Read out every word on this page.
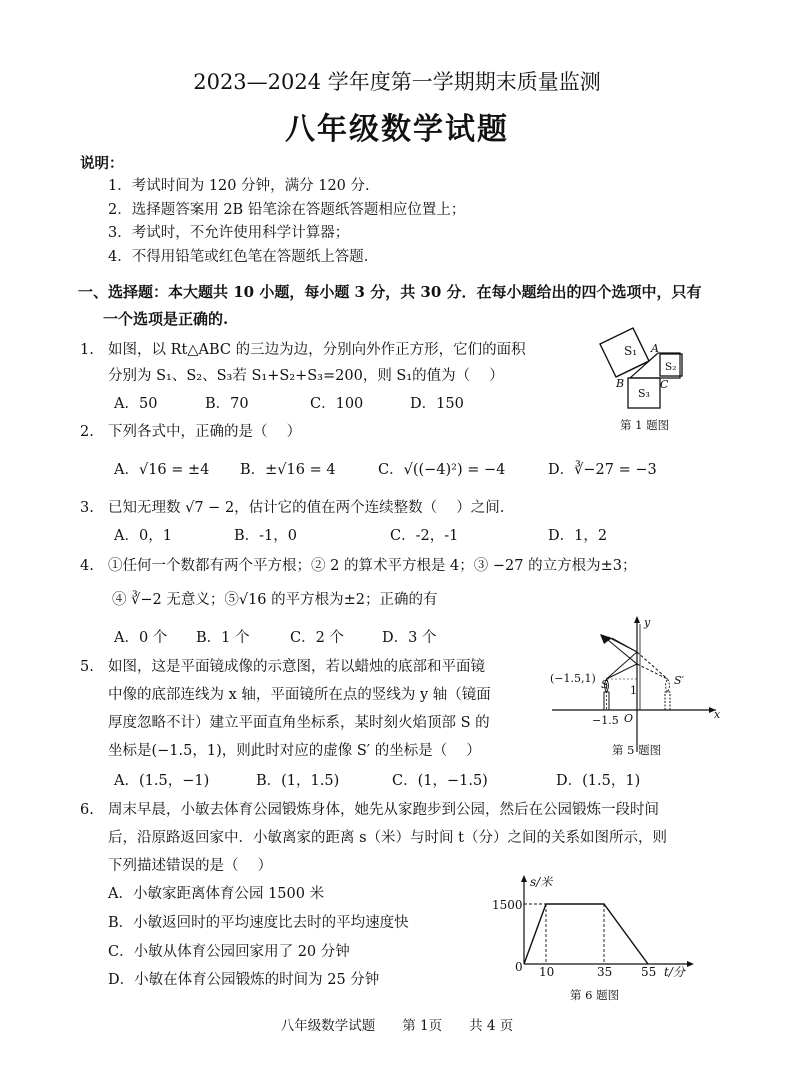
2023—2024 学年度第一学期期末质量监测
八年级数学试题
说明：
1．考试时间为 120 分钟，满分 120 分.
2．选择题答案用 2B 铅笔涂在答题纸答题相应位置上；
3．考试时，不允许使用科学计算器；
4．不得用铅笔或红色笔在答题纸上答题.
一、选择题：本大题共 10 小题，每小题 3 分，共 30 分．在每小题给出的四个选项中，只有
一个选项是正确的.
1. 如图，以 Rt△ABC 的三边为边，分别向外作正方形，它们的面积
分别为 S₁、S₂、S₃若 S₁+S₂+S₃=200，则 S₁的值为（　 ）
A．50	B．70	C．100	D．150
S₁
S₂
S₃
A
B	C
第 1 题图
2. 下列各式中，正确的是（　 ）
A．√16 = ±4 B．±√16 = 4	C．√((−4)²) = −4	D．∛−27 = −3
3. 已知无理数 √7 − 2，估计它的值在两个连续整数（　 ）之间.
A．0，1	B．-1，0	C．-2，-1	D．1，2
4. ①任何一个数都有两个平方根；② 2 的算术平方根是 4；③ −27 的立方根为±3；
④ ∛−2 无意义；⑤√16 的平方根为±2；正确的有
A．0 个 B．1 个	C．2 个	D．3 个
5. 如图，这是平面镜成像的示意图，若以蜡烛的底部和平面镜
中像的底部连线为 x 轴，平面镜所在点的竖线为 y 轴（镜面
厚度忽略不计）建立平面直角坐标系，某时刻火焰顶部 S 的
坐标是(−1.5，1)，则此时对应的虚像 S′ 的坐标是（　 ）
A．(1.5，−1)	B．(1，1.5)	C．(1，−1.5)	D．(1.5，1)
(−1.5,1) S	S′
1
−1.5 O	x
y
第 5 题图
6. 周末早晨，小敏去体育公园锻炼身体，她先从家跑步到公园，然后在公园锻炼一段时间
后，沿原路返回家中．小敏离家的距离 s（米）与时间 t（分）之间的关系如图所示，则
下列描述错误的是（　 ）
A．小敏家距离体育公园 1500 米
B．小敏返回时的平均速度比去时的平均速度快
C．小敏从体育公园回家用了 20 分钟
D．小敏在体育公园锻炼的时间为 25 分钟
s/米
t/分
1500
0 10	35 55
第 6 题图
八年级数学试题　　第 1页　　共 4 页
